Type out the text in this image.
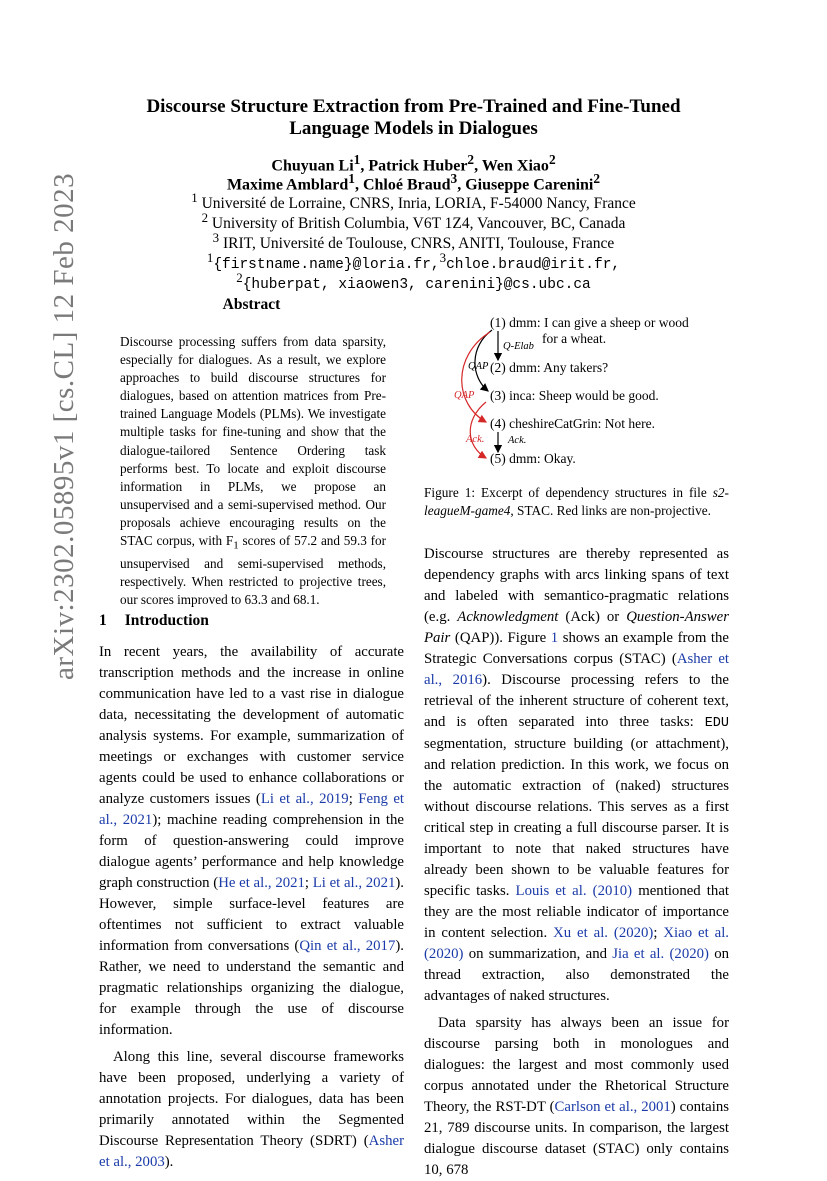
Discourse Structure Extraction from Pre-Trained and Fine-Tuned
Language Models in Dialogues
Chuyuan Li$^1$, Patrick Huber$^2$, Wen Xiao$^2$
Maxime Amblard$^1$, Chloé Braud$^3$, Giuseppe Carenini$^2$
$^1$ Université de Lorraine, CNRS, Inria, LORIA, F-54000 Nancy, France
$^2$ University of British Columbia, V6T 1Z4, Vancouver, BC, Canada
$^3$ IRIT, Université de Toulouse, CNRS, ANITI, Toulouse, France
$^1${firstname.name}@loria.fr,$^3$chloe.braud@irit.fr,
$^2${huberpat, xiaowen3, carenini}@cs.ubc.ca
arXiv:2302.05895v1 [cs.CL] 12 Feb 2023	Abstract
Discourse processing suffers from data sparsity, especially for dialogues. As a result, we explore approaches to build discourse structures for dialogues, based on attention matrices from Pre-trained Language Models (PLMs). We investigate multiple tasks for fine-tuning and show that the dialogue-tailored Sentence Ordering task performs best. To locate and exploit discourse information in PLMs, we propose an unsupervised and a semi-supervised method. Our proposals achieve encouraging results on the STAC corpus, with $F_1$ scores of 57.2 and 59.3 for unsupervised and semi-supervised methods, respectively. When restricted to projective trees, our scores improved to 63.3 and 68.1.
1 Introduction

In recent years, the availability of accurate transcription methods and the increase in online communication have led to a vast rise in dialogue data, necessitating the development of automatic analysis systems. For example, summarization of meetings or exchanges with customer service agents could be used to enhance collaborations or analyze customers issues (Li et al., 2019; Feng et al., 2021); machine reading comprehension in the form of question-answering could improve dialogue agents’ performance and help knowledge graph construction (He et al., 2021; Li et al., 2021). However, simple surface-level features are oftentimes not sufficient to extract valuable information from conversations (Qin et al., 2017). Rather, we need to understand the semantic and pragmatic relationships organizing the dialogue, for example through the use of discourse information.

Along this line, several discourse frameworks have been proposed, underlying a variety of annotation projects. For dialogues, data has been primarily annotated within the Segmented Discourse Representation Theory (SDRT) (Asher et al., 2003).

(1) dmm: I can give a sheep or wood
for a wheat.
(2) dmm: Any takers?
(3) inca: Sheep would be good.
(4) cheshireCatGrin: Not here.
(5) dmm: Okay.
Q-Elab
QAP
Ack.
QAP
Ack.
Figure 1: Excerpt of dependency structures in file s2-leagueM-game4, STAC. Red links are non-projective.

Discourse structures are thereby represented as dependency graphs with arcs linking spans of text and labeled with semantico-pragmatic relations (e.g. Acknowledgment (Ack) or Question-Answer Pair (QAP)). Figure 1 shows an example from the Strategic Conversations corpus (STAC) (Asher et al., 2016). Discourse processing refers to the retrieval of the inherent structure of coherent text, and is often separated into three tasks: EDU segmentation, structure building (or attachment), and relation prediction. In this work, we focus on the automatic extraction of (naked) structures without discourse relations. This serves as a first critical step in creating a full discourse parser. It is important to note that naked structures have already been shown to be valuable features for specific tasks. Louis et al. (2010) mentioned that they are the most reliable indicator of importance in content selection. Xu et al. (2020); Xiao et al. (2020) on summarization, and Jia et al. (2020) on thread extraction, also demonstrated the advantages of naked structures.

Data sparsity has always been an issue for discourse parsing both in monologues and dialogues: the largest and most commonly used corpus annotated under the Rhetorical Structure Theory, the RST-DT (Carlson et al., 2001) contains 21, 789 discourse units. In comparison, the largest dialogue discourse dataset (STAC) only contains 10, 678
